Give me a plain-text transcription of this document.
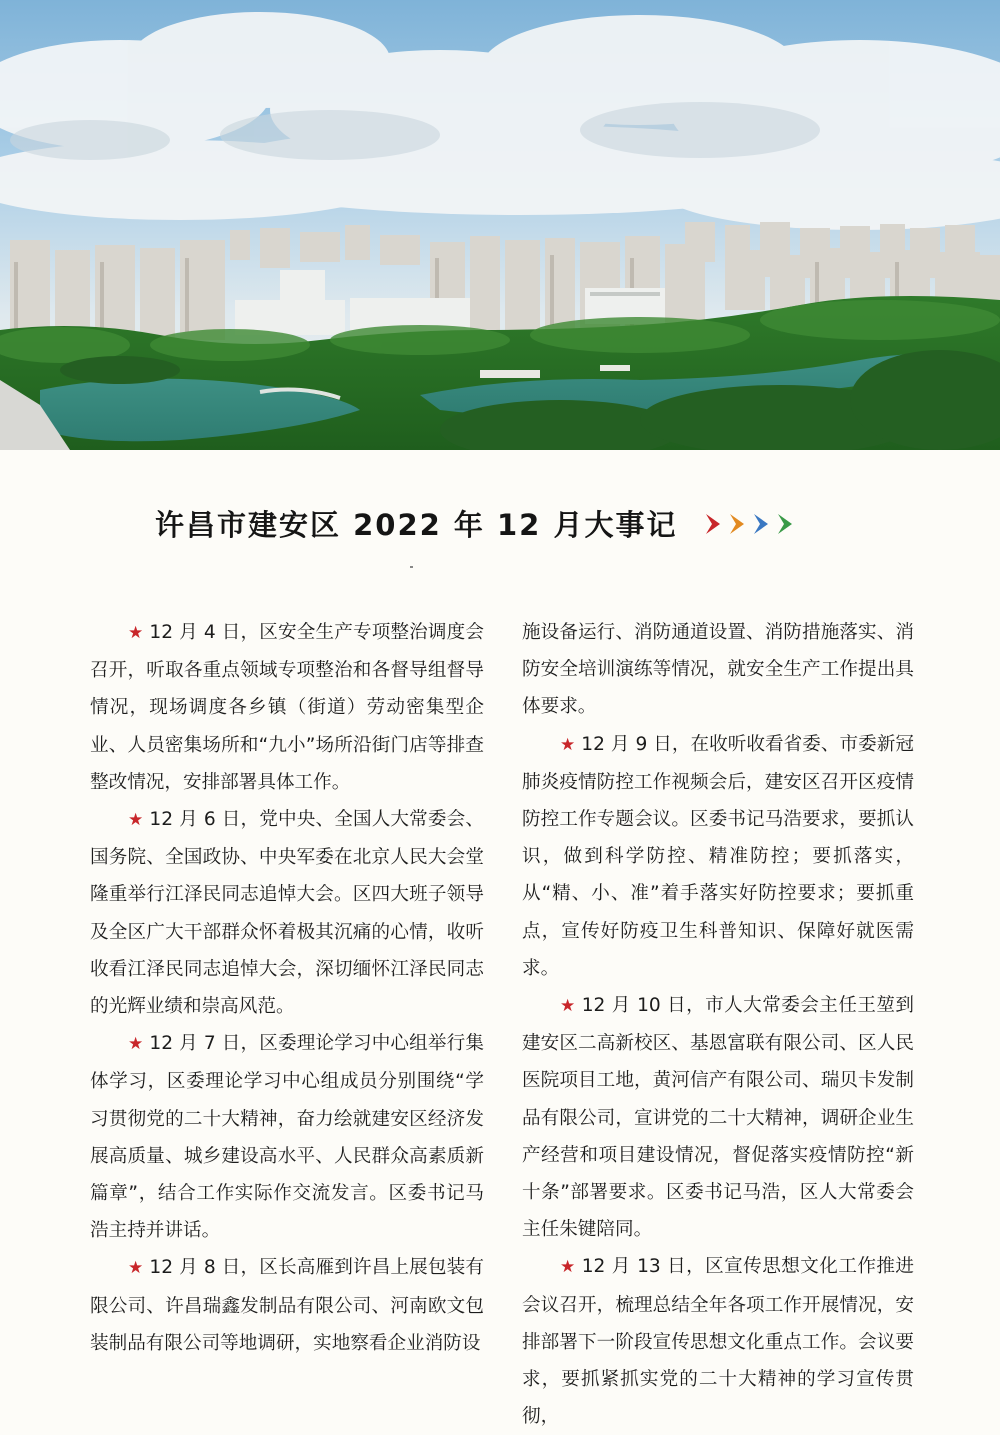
许昌市建安区 2022 年 12 月大事记

★ 12 月 4 日，区安全生产专项整治调度会召开，听取各重点领域专项整治和各督导组督导情况，现场调度各乡镇（街道）劳动密集型企业、人员密集场所和“九小”场所沿街门店等排查整改情况，安排部署具体工作。

★ 12 月 6 日，党中央、全国人大常委会、国务院、全国政协、中央军委在北京人民大会堂隆重举行江泽民同志追悼大会。区四大班子领导及全区广大干部群众怀着极其沉痛的心情，收听收看江泽民同志追悼大会，深切缅怀江泽民同志的光辉业绩和崇高风范。

★ 12 月 7 日，区委理论学习中心组举行集体学习，区委理论学习中心组成员分别围绕“学习贯彻党的二十大精神，奋力绘就建安区经济发展高质量、城乡建设高水平、人民群众高素质新篇章”，结合工作实际作交流发言。区委书记马浩主持并讲话。

★ 12 月 8 日，区长高雁到许昌上展包装有限公司、许昌瑞鑫发制品有限公司、河南欧文包装制品有限公司等地调研，实地察看企业消防设

施设备运行、消防通道设置、消防措施落实、消防安全培训演练等情况，就安全生产工作提出具体要求。

★ 12 月 9 日，在收听收看省委、市委新冠肺炎疫情防控工作视频会后，建安区召开区疫情防控工作专题会议。区委书记马浩要求，要抓认识，做到科学防控、精准防控；要抓落实，从“精、小、准”着手落实好防控要求；要抓重点，宣传好防疫卫生科普知识、保障好就医需求。

★ 12 月 10 日，市人大常委会主任王堃到建安区二高新校区、基恩富联有限公司、区人民医院项目工地，黄河信产有限公司、瑞贝卡发制品有限公司，宣讲党的二十大精神，调研企业生产经营和项目建设情况，督促落实疫情防控“新十条”部署要求。区委书记马浩，区人大常委会主任朱键陪同。

★ 12 月 13 日，区宣传思想文化工作推进会议召开，梳理总结全年各项工作开展情况，安排部署下一阶段宣传思想文化重点工作。会议要求，要抓紧抓实党的二十大精神的学习宣传贯彻，
